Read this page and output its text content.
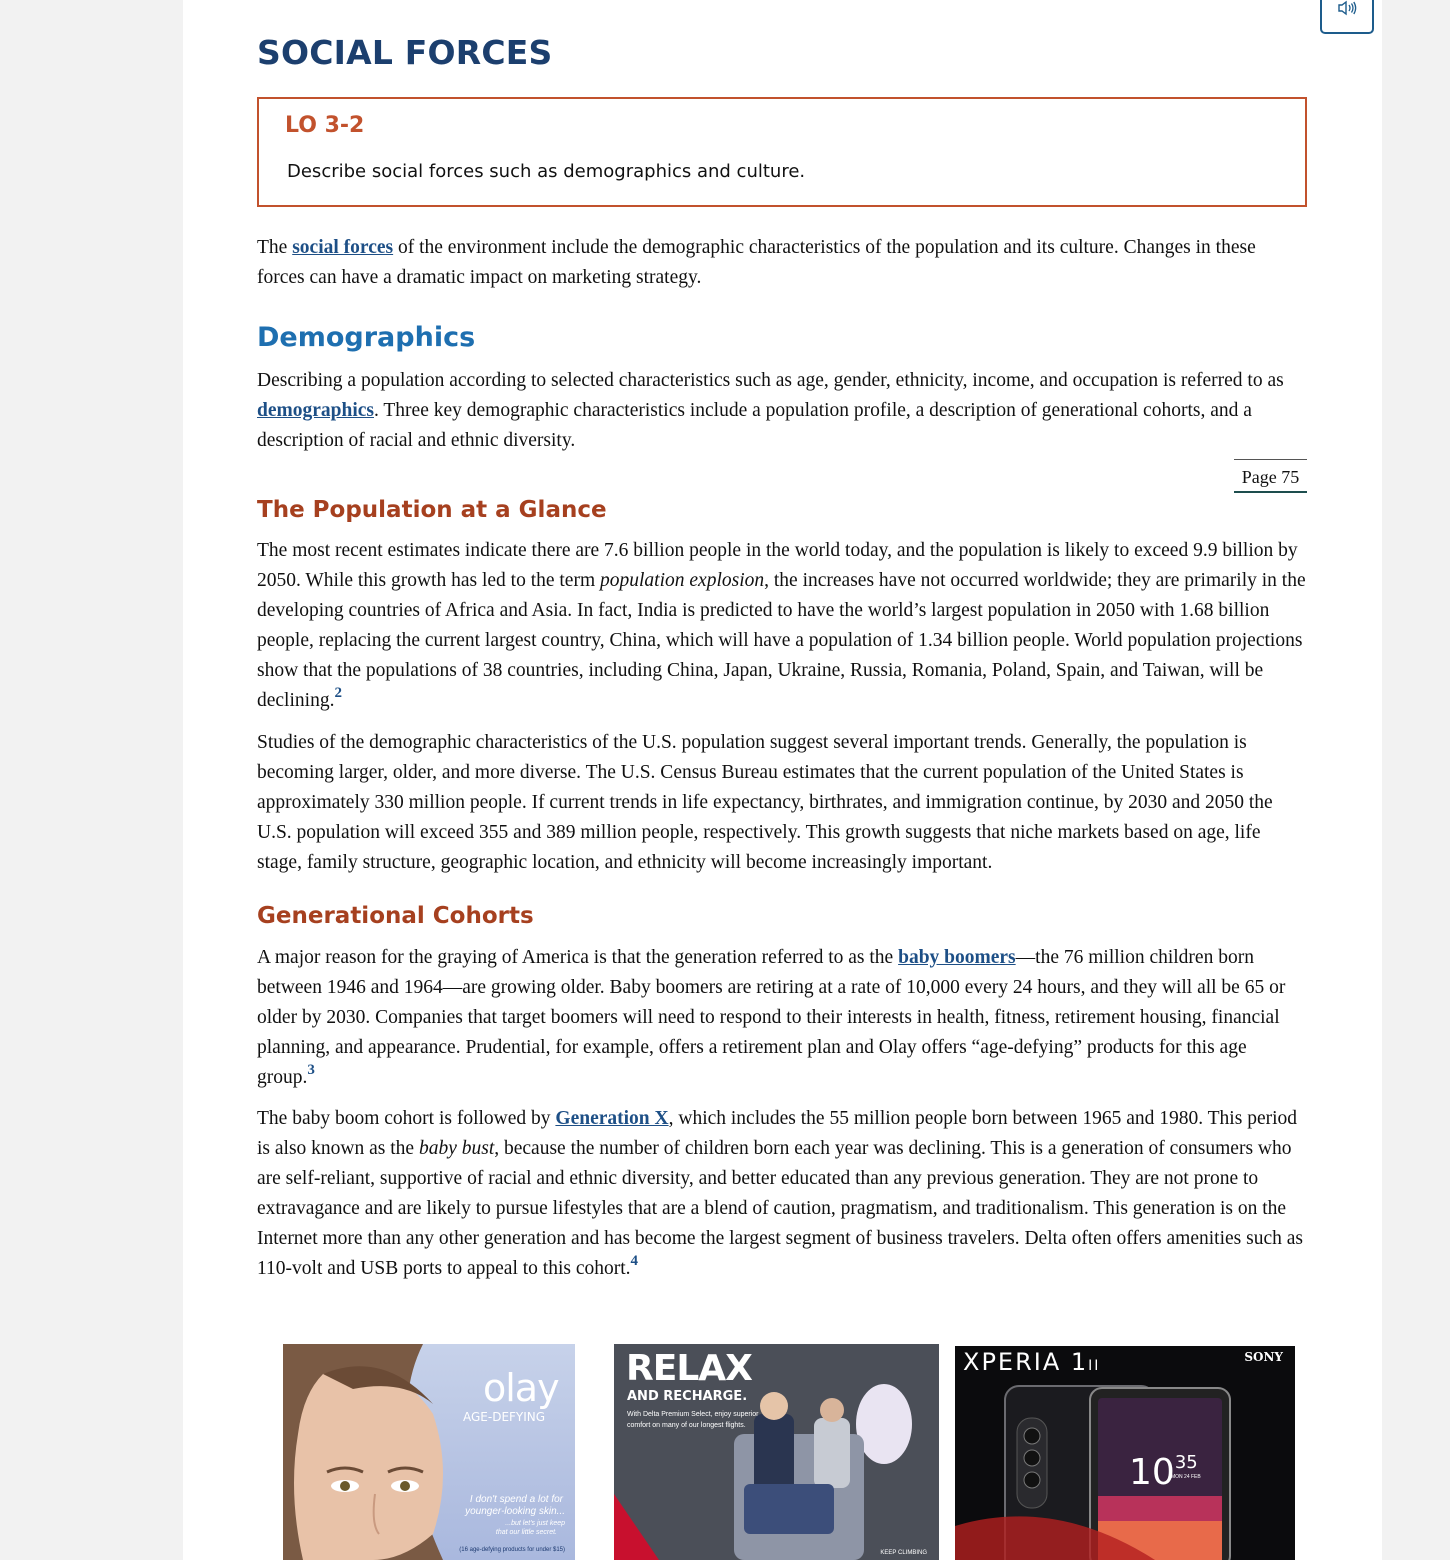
SOCIAL FORCES
LO 3-2
Describe social forces such as demographics and culture.

The social forces of the environment include the demographic characteristics of the population and its culture. Changes in these forces can have a dramatic impact on marketing strategy.

Demographics

Describing a population according to selected characteristics such as age, gender, ethnicity, income, and occupation is referred to as demographics. Three key demographic characteristics include a population profile, a description of generational cohorts, and a description of racial and ethnic diversity.

Page 75
The Population at a Glance

The most recent estimates indicate there are 7.6 billion people in the world today, and the population is likely to exceed 9.9 billion by 2050. While this growth has led to the term population explosion, the increases have not occurred worldwide; they are primarily in the developing countries of Africa and Asia. In fact, India is predicted to have the world’s largest population in 2050 with 1.68 billion people, replacing the current largest country, China, which will have a population of 1.34 billion people. World population projections show that the populations of 38 countries, including China, Japan, Ukraine, Russia, Romania, Poland, Spain, and Taiwan, will be declining.$^2$

Studies of the demographic characteristics of the U.S. population suggest several important trends. Generally, the population is becoming larger, older, and more diverse. The U.S. Census Bureau estimates that the current population of the United States is approximately 330 million people. If current trends in life expectancy, birthrates, and immigration continue, by 2030 and 2050 the U.S. population will exceed 355 and 389 million people, respectively. This growth suggests that niche markets based on age, life stage, family structure, geographic location, and ethnicity will become increasingly important.

Generational Cohorts

A major reason for the graying of America is that the generation referred to as the baby boomers—the 76 million children born between 1946 and 1964—are growing older. Baby boomers are retiring at a rate of 10,000 every 24 hours, and they will all be 65 or older by 2030. Companies that target boomers will need to respond to their interests in health, fitness, retirement housing, financial planning, and appearance. Prudential, for example, offers a retirement plan and Olay offers “age-defying” products for this age group.$^3$

The baby boom cohort is followed by Generation X, which includes the 55 million people born between 1965 and 1980. This period is also known as the baby bust, because the number of children born each year was declining. This is a generation of consumers who are self-reliant, supportive of racial and ethnic diversity, and better educated than any previous generation. They are not prone to extravagance and are likely to pursue lifestyles that are a blend of caution, pragmatism, and traditionalism. This generation is on the Internet more than any other generation and has become the largest segment of business travelers. Delta often offers amenities such as 110-volt and USB ports to appeal to this cohort.$^4$

olay
AGE-DEFYING
I don't spend a lot for
younger-looking skin...
...but let's just keep
that our little secret.
(16 age-defying products for under $15)
RELAX
AND RECHARGE.
With Delta Premium Select, enjoy superior
comfort on many of our longest flights.
KEEP CLIMBING
XPERIA 1II
SONY
1035
MON 24 FEB
